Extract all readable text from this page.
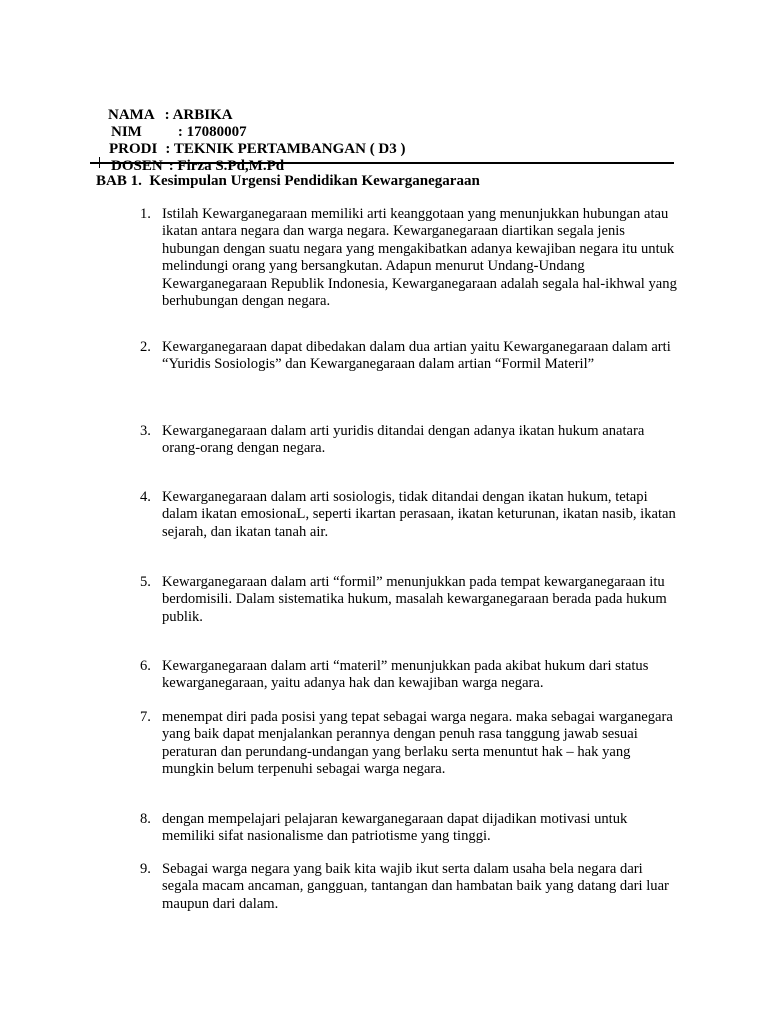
NAMA : ARBIKA

NIM : 17080007

PRODI : TEKNIK PERTAMBANGAN ( D3 )

DOSEN : Firza S.Pd,M.Pd

BAB 1.  Kesimpulan Urgensi Pendidikan Kewarganegaraan
1. Istilah Kewarganegaraan memiliki arti keanggotaan yang menunjukkan hubungan atau ikatan antara negara dan warga negara. Kewarganegaraan diartikan segala jenis hubungan dengan suatu negara yang mengakibatkan adanya kewajiban negara itu untuk melindungi orang yang bersangkutan. Adapun menurut Undang-Undang Kewarganegaraan Republik Indonesia, Kewarganegaraan adalah segala hal-ikhwal yang berhubungan dengan negara.
2. Kewarganegaraan dapat dibedakan dalam dua artian yaitu Kewarganegaraan dalam arti “Yuridis Sosiologis” dan Kewarganegaraan dalam artian “Formil Materil”
3. Kewarganegaraan dalam arti yuridis ditandai dengan adanya ikatan hukum anatara orang-orang dengan negara.
4. Kewarganegaraan dalam arti sosiologis, tidak ditandai dengan ikatan hukum, tetapi dalam ikatan emosionaL, seperti ikartan perasaan, ikatan keturunan, ikatan nasib, ikatan sejarah, dan ikatan tanah air.
5. Kewarganegaraan dalam arti “formil” menunjukkan pada tempat kewarganegaraan itu berdomisili. Dalam sistematika hukum, masalah kewarganegaraan berada pada hukum publik.
6. Kewarganegaraan dalam arti “materil” menunjukkan pada akibat hukum dari status kewarganegaraan, yaitu adanya hak dan kewajiban warga negara.
7. menempat diri pada posisi yang tepat sebagai warga negara. maka sebagai warganegara yang baik dapat menjalankan perannya dengan penuh rasa tanggung jawab sesuai peraturan dan perundang-undangan yang berlaku serta menuntut hak – hak yang mungkin belum terpenuhi sebagai warga negara.
8. dengan mempelajari pelajaran kewarganegaraan dapat dijadikan motivasi untuk memiliki sifat nasionalisme dan patriotisme yang tinggi.
9. Sebagai warga negara yang baik kita wajib ikut serta dalam usaha bela negara dari segala macam ancaman, gangguan, tantangan dan hambatan baik yang datang dari luar maupun dari dalam.
